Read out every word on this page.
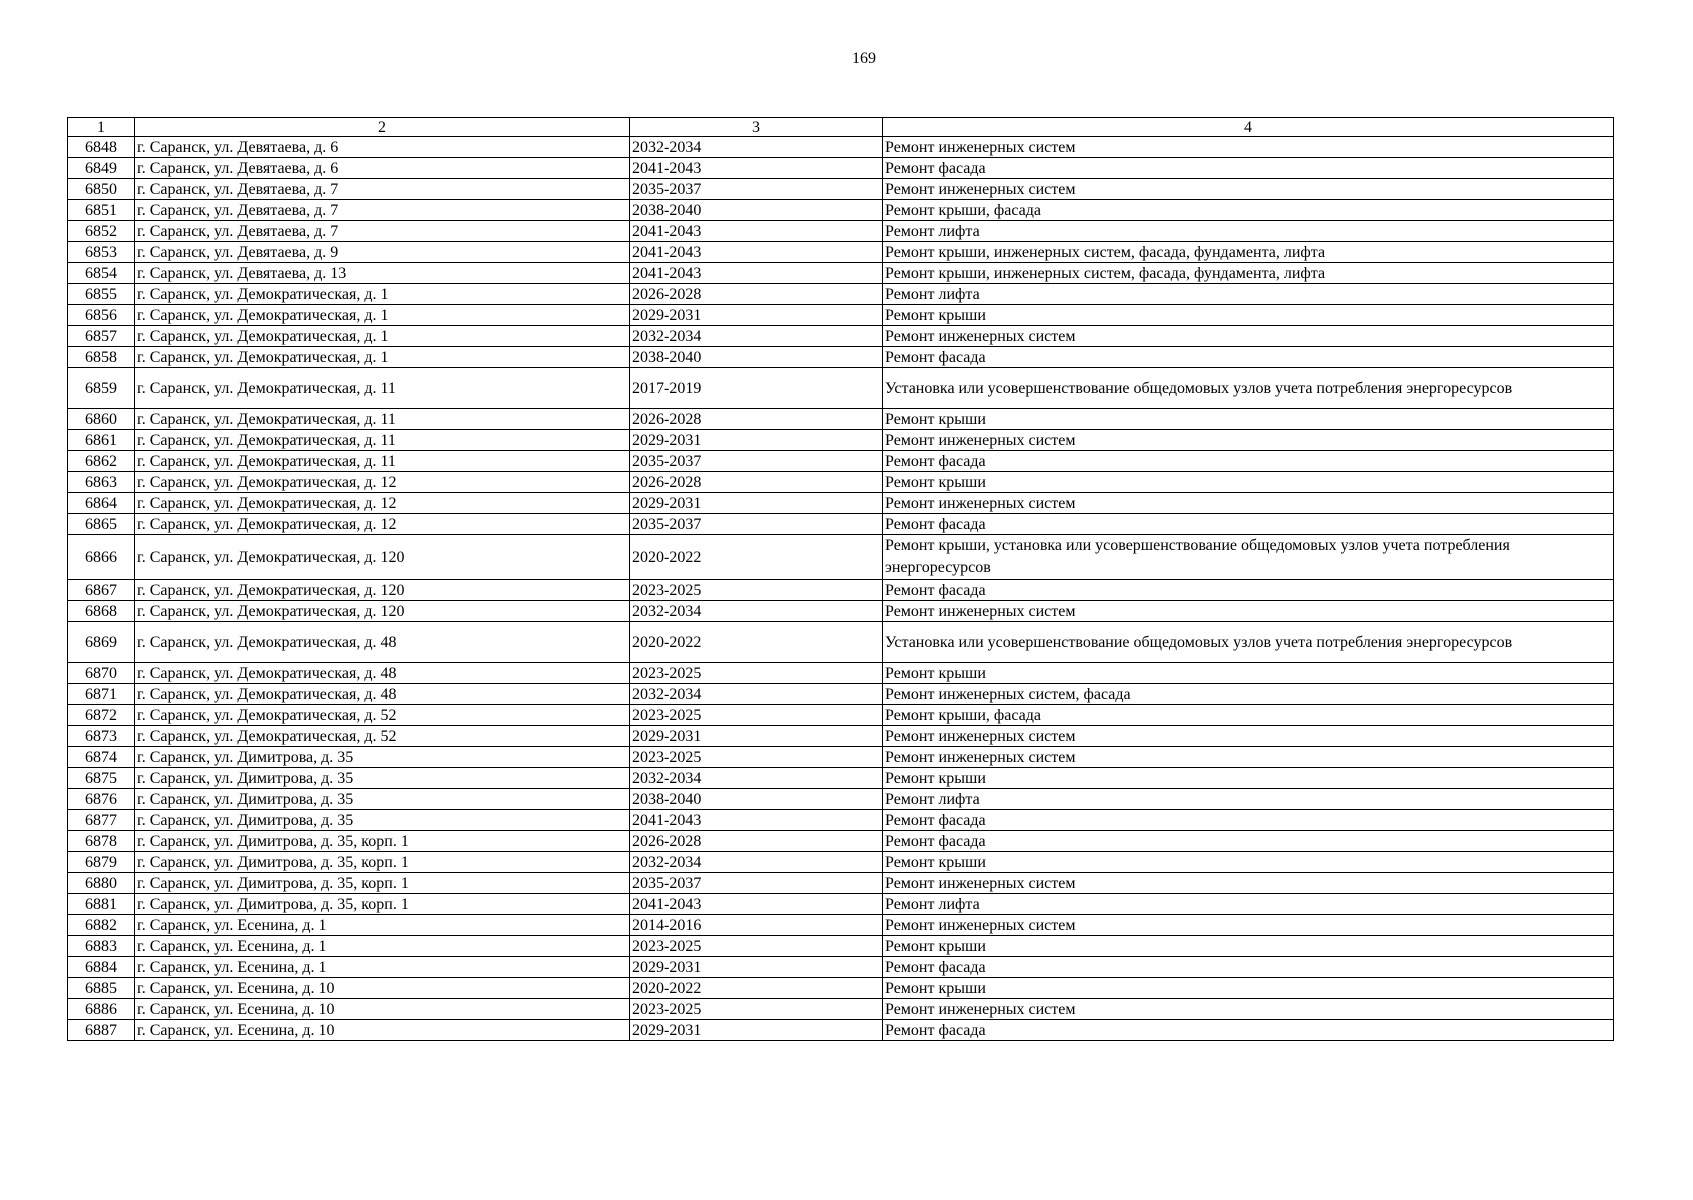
169
1	2	3	4
6848	г. Саранск, ул. Девятаева, д. 6	2032-2034	Ремонт инженерных систем
6849	г. Саранск, ул. Девятаева, д. 6	2041-2043	Ремонт фасада
6850	г. Саранск, ул. Девятаева, д. 7	2035-2037	Ремонт инженерных систем
6851	г. Саранск, ул. Девятаева, д. 7	2038-2040	Ремонт крыши, фасада
6852	г. Саранск, ул. Девятаева, д. 7	2041-2043	Ремонт лифта
6853	г. Саранск, ул. Девятаева, д. 9	2041-2043	Ремонт крыши, инженерных систем, фасада, фундамента, лифта
6854	г. Саранск, ул. Девятаева, д. 13	2041-2043	Ремонт крыши, инженерных систем, фасада, фундамента, лифта
6855	г. Саранск, ул. Демократическая, д. 1	2026-2028	Ремонт лифта
6856	г. Саранск, ул. Демократическая, д. 1	2029-2031	Ремонт крыши
6857	г. Саранск, ул. Демократическая, д. 1	2032-2034	Ремонт инженерных систем
6858	г. Саранск, ул. Демократическая, д. 1	2038-2040	Ремонт фасада
6859	г. Саранск, ул. Демократическая, д. 11	2017-2019	Установка или усовершенствование общедомовых узлов учета потребления энергоресурсов
6860	г. Саранск, ул. Демократическая, д. 11	2026-2028	Ремонт крыши
6861	г. Саранск, ул. Демократическая, д. 11	2029-2031	Ремонт инженерных систем
6862	г. Саранск, ул. Демократическая, д. 11	2035-2037	Ремонт фасада
6863	г. Саранск, ул. Демократическая, д. 12	2026-2028	Ремонт крыши
6864	г. Саранск, ул. Демократическая, д. 12	2029-2031	Ремонт инженерных систем
6865	г. Саранск, ул. Демократическая, д. 12	2035-2037	Ремонт фасада
6866	г. Саранск, ул. Демократическая, д. 120	2020-2022	Ремонт крыши, установка или усовершенствование общедомовых узлов учета потребления энергоресурсов
6867	г. Саранск, ул. Демократическая, д. 120	2023-2025	Ремонт фасада
6868	г. Саранск, ул. Демократическая, д. 120	2032-2034	Ремонт инженерных систем
6869	г. Саранск, ул. Демократическая, д. 48	2020-2022	Установка или усовершенствование общедомовых узлов учета потребления энергоресурсов
6870	г. Саранск, ул. Демократическая, д. 48	2023-2025	Ремонт крыши
6871	г. Саранск, ул. Демократическая, д. 48	2032-2034	Ремонт инженерных систем, фасада
6872	г. Саранск, ул. Демократическая, д. 52	2023-2025	Ремонт крыши, фасада
6873	г. Саранск, ул. Демократическая, д. 52	2029-2031	Ремонт инженерных систем
6874	г. Саранск, ул. Димитрова, д. 35	2023-2025	Ремонт инженерных систем
6875	г. Саранск, ул. Димитрова, д. 35	2032-2034	Ремонт крыши
6876	г. Саранск, ул. Димитрова, д. 35	2038-2040	Ремонт лифта
6877	г. Саранск, ул. Димитрова, д. 35	2041-2043	Ремонт фасада
6878	г. Саранск, ул. Димитрова, д. 35, корп. 1	2026-2028	Ремонт фасада
6879	г. Саранск, ул. Димитрова, д. 35, корп. 1	2032-2034	Ремонт крыши
6880	г. Саранск, ул. Димитрова, д. 35, корп. 1	2035-2037	Ремонт инженерных систем
6881	г. Саранск, ул. Димитрова, д. 35, корп. 1	2041-2043	Ремонт лифта
6882	г. Саранск, ул. Есенина, д. 1	2014-2016	Ремонт инженерных систем
6883	г. Саранск, ул. Есенина, д. 1	2023-2025	Ремонт крыши
6884	г. Саранск, ул. Есенина, д. 1	2029-2031	Ремонт фасада
6885	г. Саранск, ул. Есенина, д. 10	2020-2022	Ремонт крыши
6886	г. Саранск, ул. Есенина, д. 10	2023-2025	Ремонт инженерных систем
6887	г. Саранск, ул. Есенина, д. 10	2029-2031	Ремонт фасада
